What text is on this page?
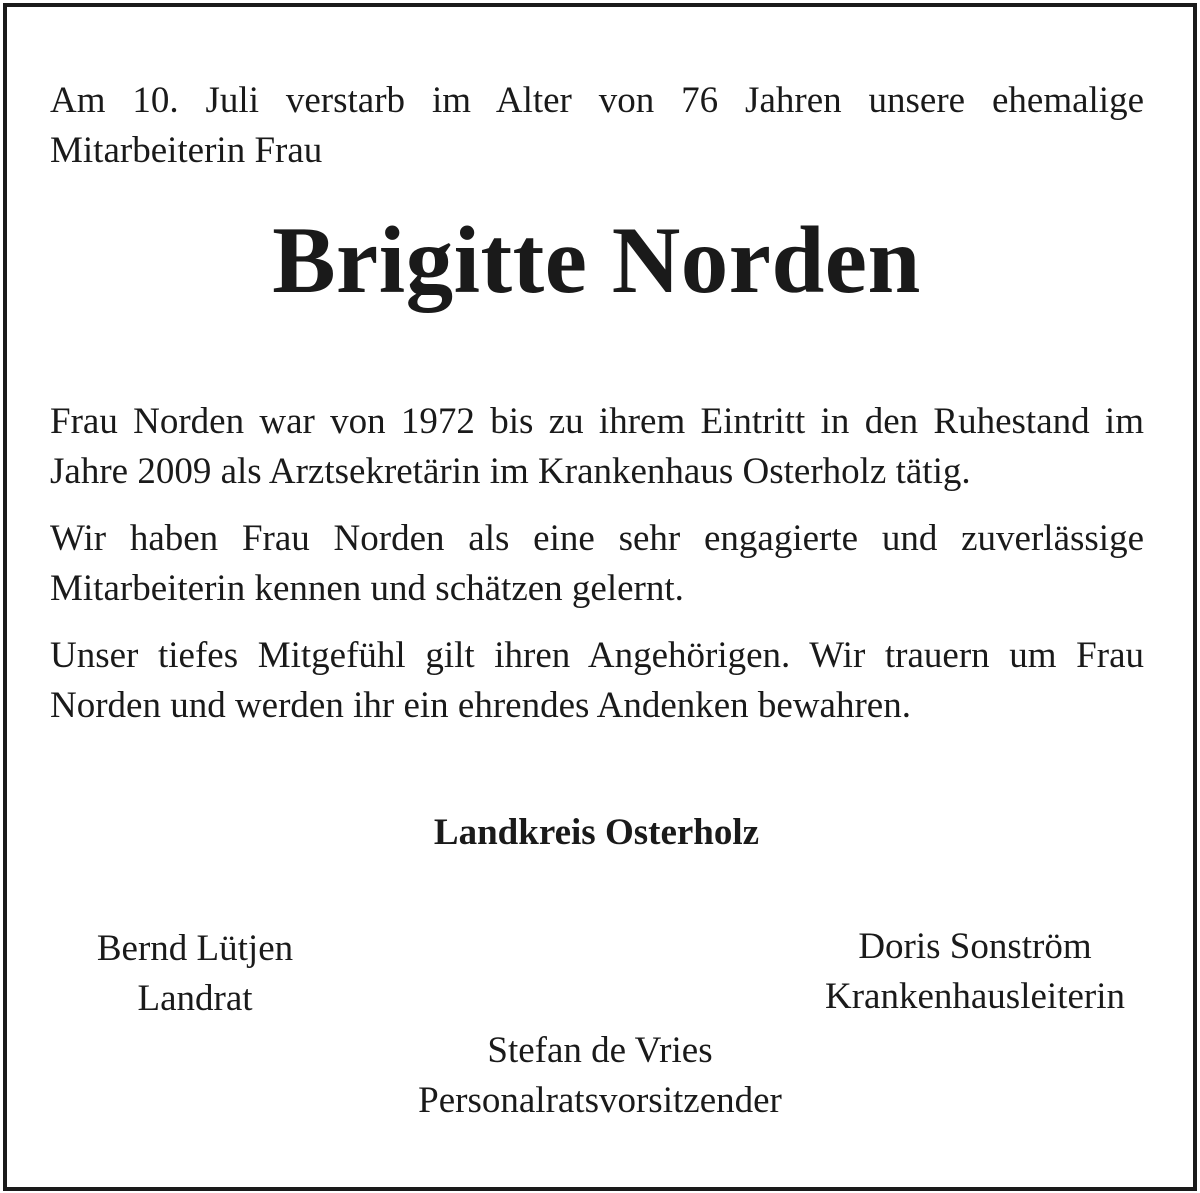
Am 10. Juli verstarb im Alter von 76 Jahren unsere ehemalige Mitarbeiterin Frau

Brigitte Norden

Frau Norden war von 1972 bis zu ihrem Eintritt in den Ruhestand im Jahre 2009 als Arztsekretärin im Krankenhaus Osterholz tätig.

Wir haben Frau Norden als eine sehr engagierte und zuverlässige Mitarbeiterin kennen und schätzen gelernt.

Unser tiefes Mitgefühl gilt ihren Angehörigen. Wir trauern um Frau Norden und werden ihr ein ehrendes Andenken bewahren.

Landkreis Osterholz
Bernd Lütjen
Landrat
Doris Sonström
Krankenhausleiterin
Stefan de Vries
Personalratsvorsitzender
